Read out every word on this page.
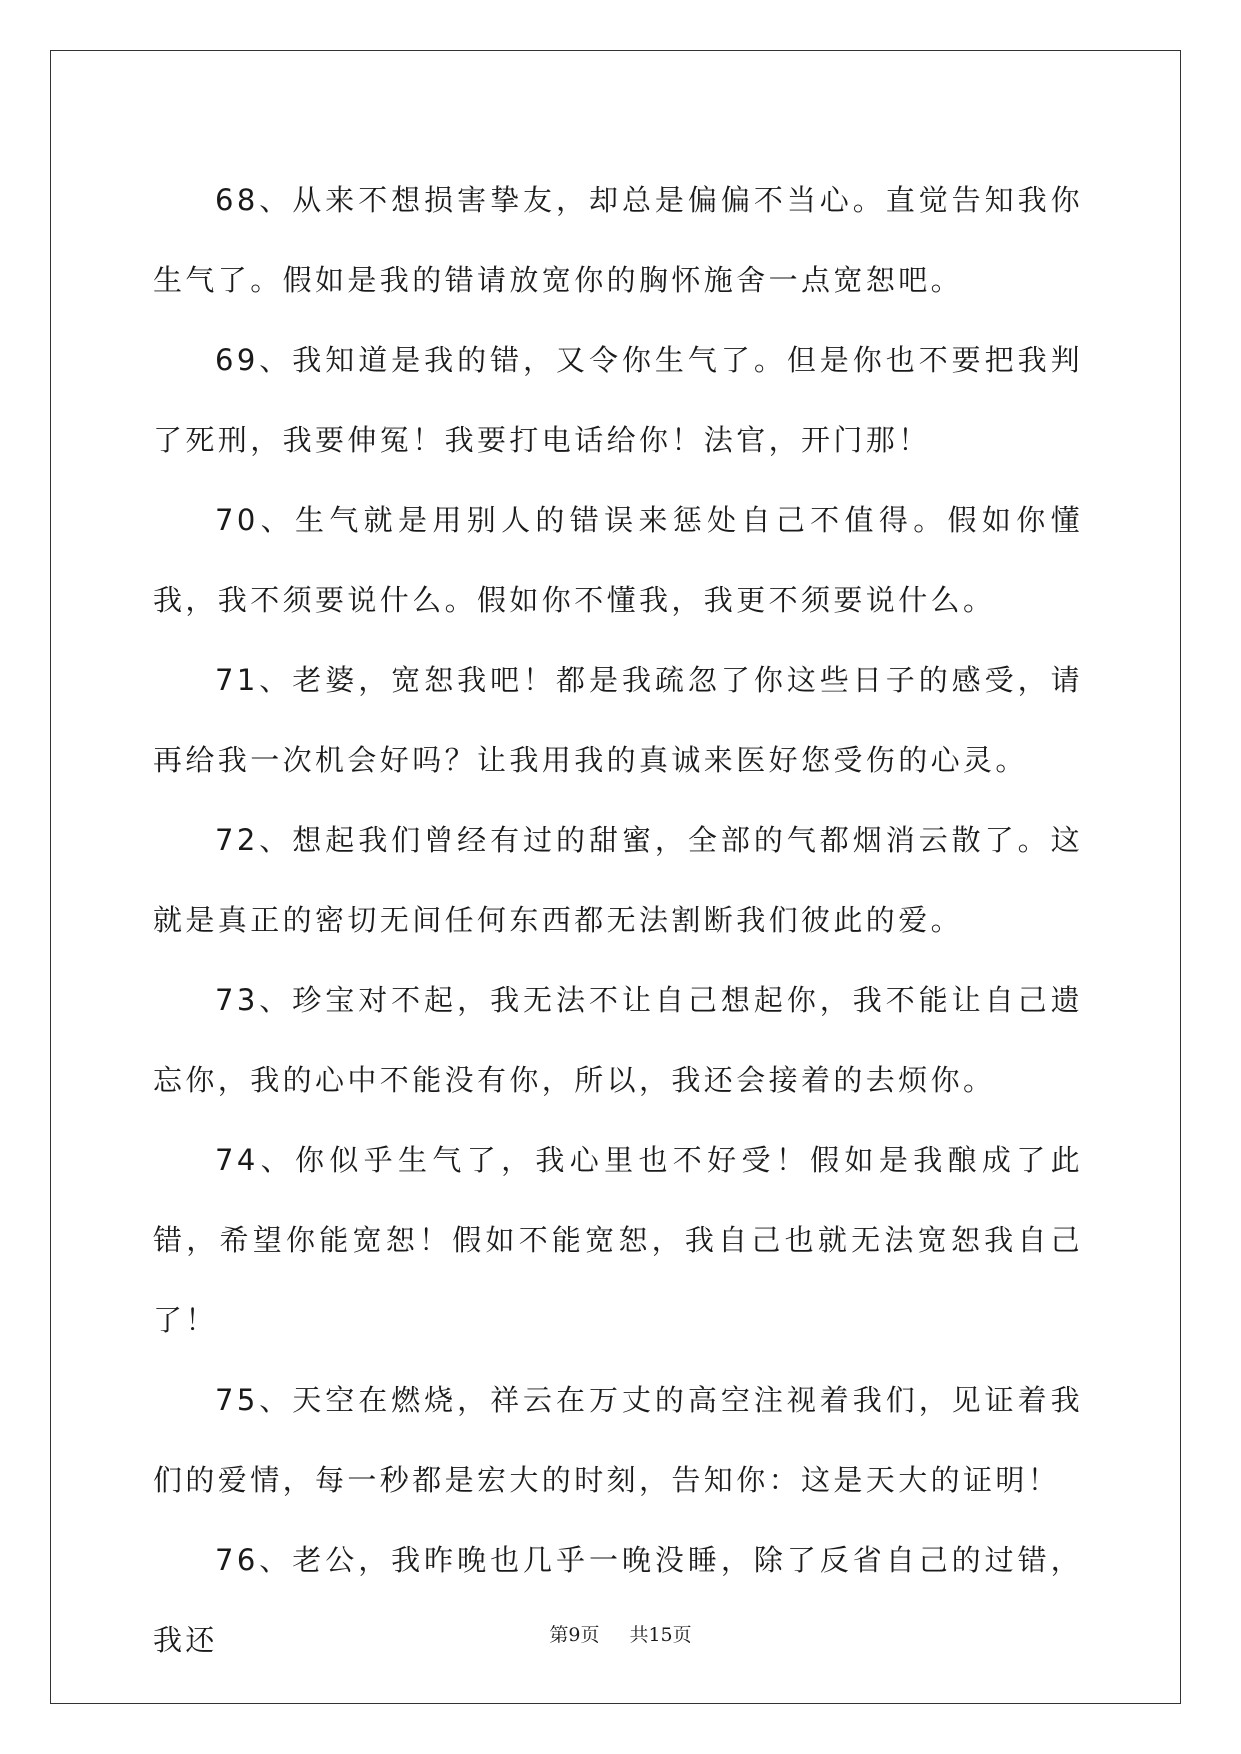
68、从来不想损害挚友，却总是偏偏不当心。直觉告知我你生气了。假如是我的错请放宽你的胸怀施舍一点宽恕吧。

69、我知道是我的错，又令你生气了。但是你也不要把我判了死刑，我要伸冤！我要打电话给你！法官，开门那！

70、生气就是用别人的错误来惩处自己不值得。假如你懂我，我不须要说什么。假如你不懂我，我更不须要说什么。

71、老婆，宽恕我吧！都是我疏忽了你这些日子的感受，请再给我一次机会好吗？让我用我的真诚来医好您受伤的心灵。

72、想起我们曾经有过的甜蜜，全部的气都烟消云散了。这就是真正的密切无间任何东西都无法割断我们彼此的爱。

73、珍宝对不起，我无法不让自己想起你，我不能让自己遗忘你，我的心中不能没有你，所以，我还会接着的去烦你。

74、你似乎生气了，我心里也不好受！假如是我酿成了此错，希望你能宽恕！假如不能宽恕，我自己也就无法宽恕我自己了！

75、天空在燃烧，祥云在万丈的高空注视着我们，见证着我们的爱情，每一秒都是宏大的时刻，告知你：这是天大的证明！

76、老公，我昨晚也几乎一晚没睡，除了反省自己的过错，我还	第9页 共15页
